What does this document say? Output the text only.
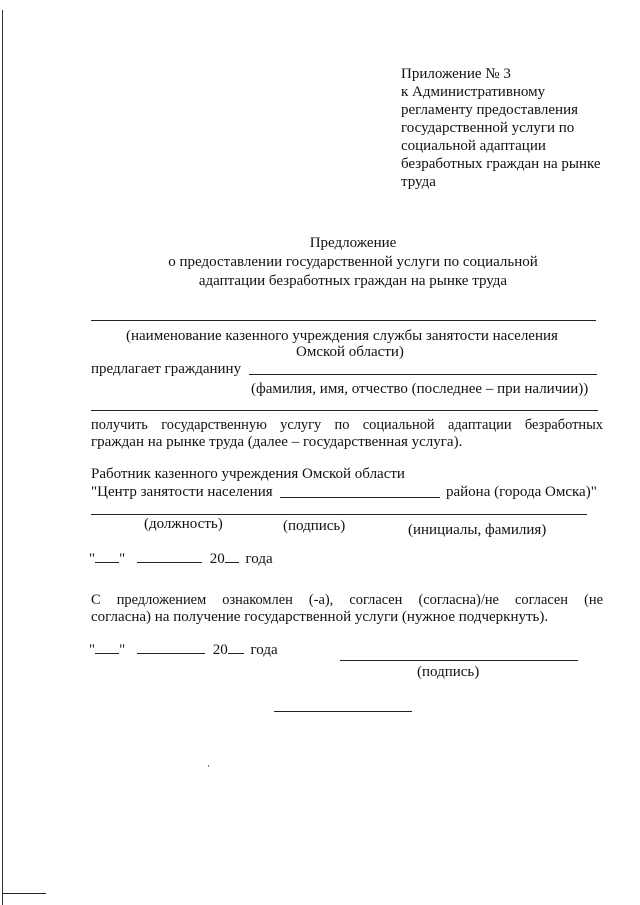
Приложение № 3
к Административному
регламенту предоставления
государственной услуги по
социальной адаптации
безработных граждан на рынке
труда
Предложение
о предоставлении государственной услуги по социальной
адаптации безработных граждан на рынке труда
(наименование казенного учреждения службы занятости населения
Омской области)
предлагает гражданину
(фамилия, имя, отчество (последнее – при наличии))
получить государственную услугу по социальной адаптации безработных
граждан на рынке труда (далее – государственная услуга).
Работник казенного учреждения Омской области
"Центр занятости населения	района (города Омска)"
(должность)	(подпись)	(инициалы, фамилия)
" "	20 года
С предложением ознакомлен (-а), согласен (согласна)/не согласен (не
согласна) на получение государственной услуги (нужное подчеркнуть).
" "	20 года
(подпись)
